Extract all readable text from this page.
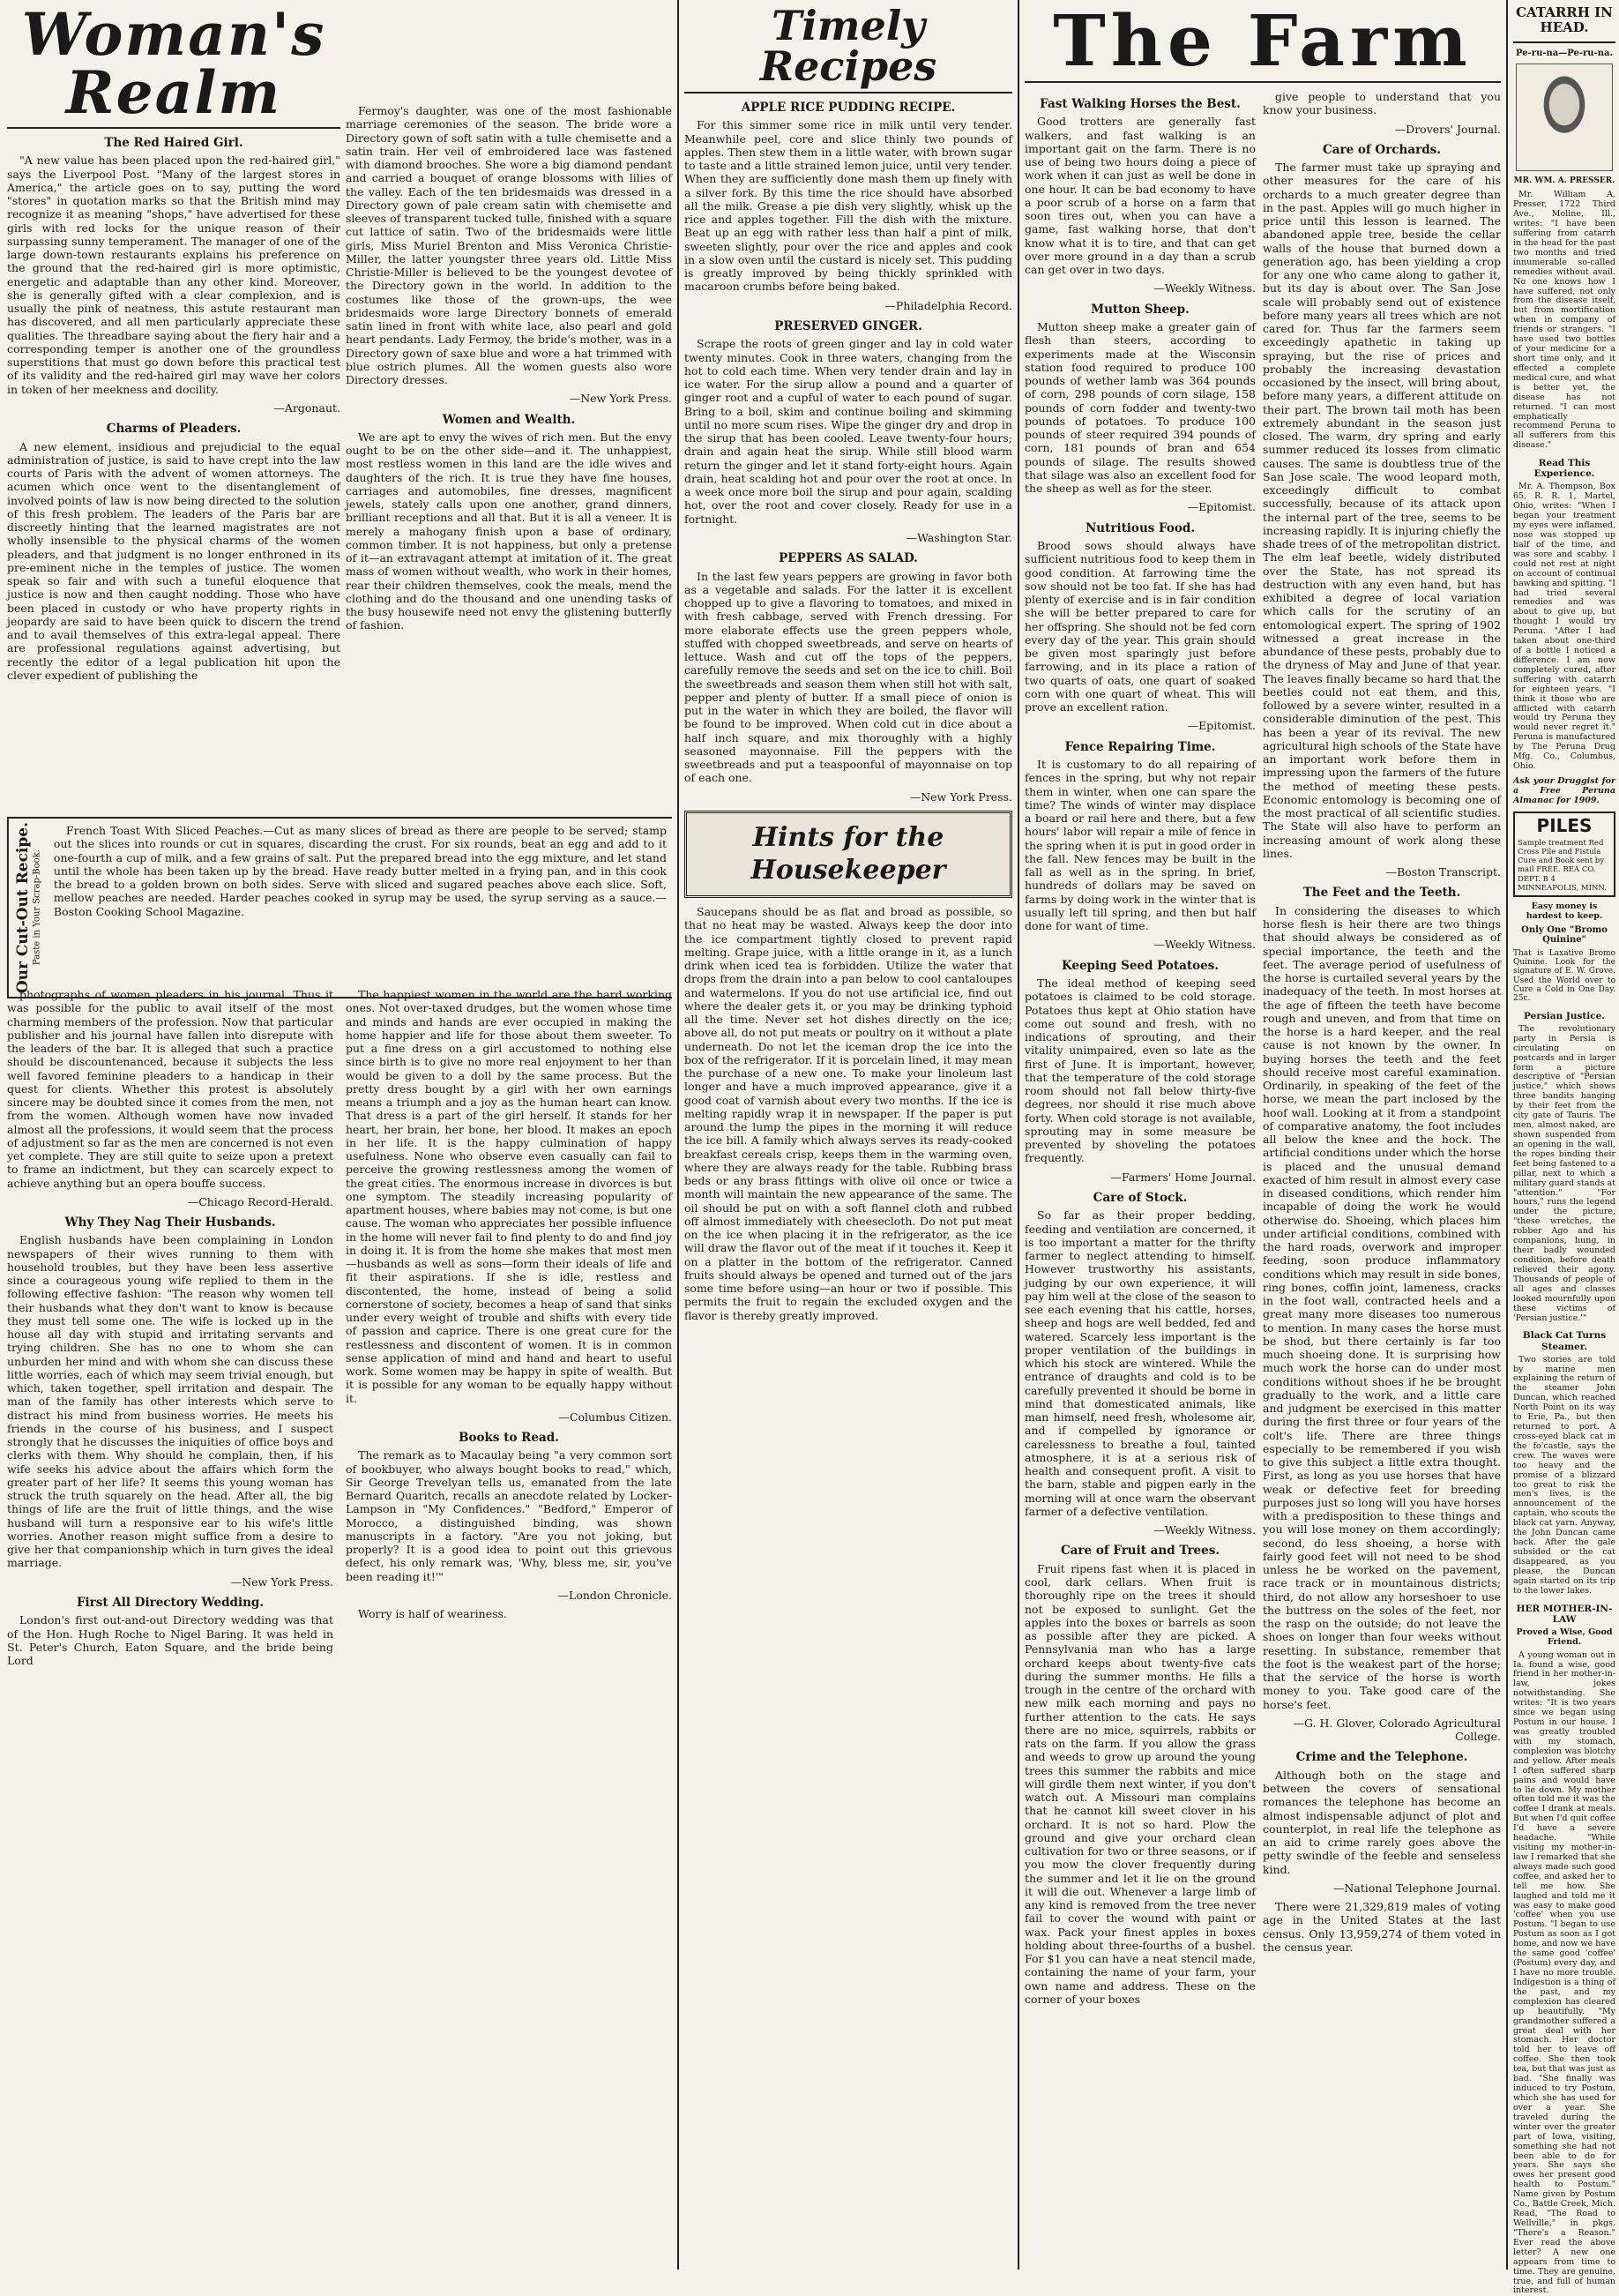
Woman's Realm
The Red Haired Girl.

"A new value has been placed upon the red-haired girl," says the Liverpool Post. "Many of the largest stores in America," the article goes on to say, putting the word "stores" in quotation marks so that the British mind may recognize it as meaning "shops," have advertised for these girls with red locks for the unique reason of their surpassing sunny temperament. The manager of one of the large down-town restaurants explains his preference on the ground that the red-haired girl is more optimistic, energetic and adaptable than any other kind. Moreover, she is generally gifted with a clear complexion, and is usually the pink of neatness, this astute restaurant man has discovered, and all men particularly appreciate these qualities. The threadbare saying about the fiery hair and a corresponding temper is another one of the groundless superstitions that must go down before this practical test of its validity and the red-haired girl may wave her colors in token of her meekness and docility.

—Argonaut.

Charms of Pleaders.

A new element, insidious and prejudicial to the equal administration of justice, is said to have crept into the law courts of Paris with the advent of women attorneys. The acumen which once went to the disentanglement of involved points of law is now being directed to the solution of this fresh problem. The leaders of the Paris bar are discreetly hinting that the learned magistrates are not wholly insensible to the physical charms of the women pleaders, and that judgment is no longer enthroned in its pre-eminent niche in the temples of justice. The women speak so fair and with such a tuneful eloquence that justice is now and then caught nodding. Those who have been placed in custody or who have property rights in jeopardy are said to have been quick to discern the trend and to avail themselves of this extra-legal appeal. There are professional regulations against advertising, but recently the editor of a legal publication hit upon the clever expedient of publishing the

Fermoy's daughter, was one of the most fashionable marriage ceremonies of the season. The bride wore a Directory gown of soft satin with a tulle chemisette and a satin train. Her veil of embroidered lace was fastened with diamond brooches. She wore a big diamond pendant and carried a bouquet of orange blossoms with lilies of the valley. Each of the ten bridesmaids was dressed in a Directory gown of pale cream satin with chemisette and sleeves of transparent tucked tulle, finished with a square cut lattice of satin. Two of the bridesmaids were little girls, Miss Muriel Brenton and Miss Veronica Christie-Miller, the latter youngster three years old. Little Miss Christie-Miller is believed to be the youngest devotee of the Directory gown in the world. In addition to the costumes like those of the grown-ups, the wee bridesmaids wore large Directory bonnets of emerald satin lined in front with white lace, also pearl and gold heart pendants. Lady Fermoy, the bride's mother, was in a Directory gown of saxe blue and wore a hat trimmed with blue ostrich plumes. All the women guests also wore Directory dresses.

—New York Press.

Women and Wealth.

We are apt to envy the wives of rich men. But the envy ought to be on the other side—and it. The unhappiest, most restless women in this land are the idle wives and daughters of the rich. It is true they have fine houses, carriages and automobiles, fine dresses, magnificent jewels, stately calls upon one another, grand dinners, brilliant receptions and all that. But it is all a veneer. It is merely a mahogany finish upon a base of ordinary, common timber. It is not happiness, but only a pretense of it—an extravagant attempt at imitation of it. The great mass of women without wealth, who work in their homes, rear their children themselves, cook the meals, mend the clothing and do the thousand and one unending tasks of the busy housewife need not envy the glistening butterfly of fashion.

Our Cut-Out Recipe. Paste in Your Scrap-Book.

French Toast With Sliced Peaches.—Cut as many slices of bread as there are people to be served; stamp out the slices into rounds or cut in squares, discarding the crust. For six rounds, beat an egg and add to it one-fourth a cup of milk, and a few grains of salt. Put the prepared bread into the egg mixture, and let stand until the whole has been taken up by the bread. Have ready butter melted in a frying pan, and in this cook the bread to a golden brown on both sides. Serve with sliced and sugared peaches above each slice. Soft, mellow peaches are needed. Harder peaches cooked in syrup may be used, the syrup serving as a sauce.—Boston Cooking School Magazine.

photographs of women pleaders in his journal. Thus it was possible for the public to avail itself of the most charming members of the profession. Now that particular publisher and his journal have fallen into disrepute with the leaders of the bar. It is alleged that such a practice should be discountenanced, because it subjects the less well favored feminine pleaders to a handicap in their quest for clients. Whether this protest is absolutely sincere may be doubted since it comes from the men, not from the women. Although women have now invaded almost all the professions, it would seem that the process of adjustment so far as the men are concerned is not even yet complete. They are still quite to seize upon a pretext to frame an indictment, but they can scarcely expect to achieve anything but an opera bouffe success.

—Chicago Record-Herald.

Why They Nag Their Husbands.

English husbands have been complaining in London newspapers of their wives running to them with household troubles, but they have been less assertive since a courageous young wife replied to them in the following effective fashion: "The reason why women tell their husbands what they don't want to know is because they must tell some one. The wife is locked up in the house all day with stupid and irritating servants and trying children. She has no one to whom she can unburden her mind and with whom she can discuss these little worries, each of which may seem trivial enough, but which, taken together, spell irritation and despair. The man of the family has other interests which serve to distract his mind from business worries. He meets his friends in the course of his business, and I suspect strongly that he discusses the iniquities of office boys and clerks with them. Why should he complain, then, if his wife seeks his advice about the affairs which form the greater part of her life? It seems this young woman has struck the truth squarely on the head. After all, the big things of life are the fruit of little things, and the wise husband will turn a responsive ear to his wife's little worries. Another reason might suffice from a desire to give her that companionship which in turn gives the ideal marriage.

—New York Press.

First All Directory Wedding.

London's first out-and-out Directory wedding was that of the Hon. Hugh Roche to Nigel Baring. It was held in St. Peter's Church, Eaton Square, and the bride being Lord

The happiest women in the world are the hard working ones. Not over-taxed drudges, but the women whose time and minds and hands are ever occupied in making the home happier and life for those about them sweeter. To put a fine dress on a girl accustomed to nothing else since birth is to give no more real enjoyment to her than would be given to a doll by the same process. But the pretty dress bought by a girl with her own earnings means a triumph and a joy as the human heart can know. That dress is a part of the girl herself. It stands for her heart, her brain, her bone, her blood. It makes an epoch in her life. It is the happy culmination of happy usefulness. None who observe even casually can fail to perceive the growing restlessness among the women of the great cities. The enormous increase in divorces is but one symptom. The steadily increasing popularity of apartment houses, where babies may not come, is but one cause. The woman who appreciates her possible influence in the home will never fail to find plenty to do and find joy in doing it. It is from the home she makes that most men—husbands as well as sons—form their ideals of life and fit their aspirations. If she is idle, restless and discontented, the home, instead of being a solid cornerstone of society, becomes a heap of sand that sinks under every weight of trouble and shifts with every tide of passion and caprice. There is one great cure for the restlessness and discontent of women. It is in common sense application of mind and hand and heart to useful work. Some women may be happy in spite of wealth. But it is possible for any woman to be equally happy without it.

—Columbus Citizen.

Books to Read.

The remark as to Macaulay being "a very common sort of bookbuyer, who always bought books to read," which, Sir George Trevelyan tells us, emanated from the late Bernard Quaritch, recalls an anecdote related by Locker-Lampson in "My Confidences." "Bedford," Emperor of Morocco, a distinguished binding, was shown manuscripts in a factory. "Are you not joking, but properly? It is a good idea to point out this grievous defect, his only remark was, 'Why, bless me, sir, you've been reading it!'"

—London Chronicle.

Worry is half of weariness.

Timely Recipes
APPLE RICE PUDDING RECIPE.

For this simmer some rice in milk until very tender. Meanwhile peel, core and slice thinly two pounds of apples. Then stew them in a little water, with brown sugar to taste and a little strained lemon juice, until very tender. When they are sufficiently done mash them up finely with a silver fork. By this time the rice should have absorbed all the milk. Grease a pie dish very slightly, whisk up the rice and apples together. Fill the dish with the mixture. Beat up an egg with rather less than half a pint of milk, sweeten slightly, pour over the rice and apples and cook in a slow oven until the custard is nicely set. This pudding is greatly improved by being thickly sprinkled with macaroon crumbs before being baked.

—Philadelphia Record.

PRESERVED GINGER.

Scrape the roots of green ginger and lay in cold water twenty minutes. Cook in three waters, changing from the hot to cold each time. When very tender drain and lay in ice water. For the sirup allow a pound and a quarter of ginger root and a cupful of water to each pound of sugar. Bring to a boil, skim and continue boiling and skimming until no more scum rises. Wipe the ginger dry and drop in the sirup that has been cooled. Leave twenty-four hours; drain and again heat the sirup. While still blood warm return the ginger and let it stand forty-eight hours. Again drain, heat scalding hot and pour over the root at once. In a week once more boil the sirup and pour again, scalding hot, over the root and cover closely. Ready for use in a fortnight.

—Washington Star.

PEPPERS AS SALAD.

In the last few years peppers are growing in favor both as a vegetable and salads. For the latter it is excellent chopped up to give a flavoring to tomatoes, and mixed in with fresh cabbage, served with French dressing. For more elaborate effects use the green peppers whole, stuffed with chopped sweetbreads, and serve on hearts of lettuce. Wash and cut off the tops of the peppers, carefully remove the seeds and set on the ice to chill. Boil the sweetbreads and season them when still hot with salt, pepper and plenty of butter. If a small piece of onion is put in the water in which they are boiled, the flavor will be found to be improved. When cold cut in dice about a half inch square, and mix thoroughly with a highly seasoned mayonnaise. Fill the peppers with the sweetbreads and put a teaspoonful of mayonnaise on top of each one.

—New York Press.

Hints for the Housekeeper

Saucepans should be as flat and broad as possible, so that no heat may be wasted. Always keep the door into the ice compartment tightly closed to prevent rapid melting. Grape juice, with a little orange in it, as a lunch drink when iced tea is forbidden. Utilize the water that drops from the drain into a pan below to cool cantaloupes and watermelons. If you do not use artificial ice, find out where the dealer gets it, or you may be drinking typhoid all the time. Never set hot dishes directly on the ice; above all, do not put meats or poultry on it without a plate underneath. Do not let the iceman drop the ice into the box of the refrigerator. If it is porcelain lined, it may mean the purchase of a new one. To make your linoleum last longer and have a much improved appearance, give it a good coat of varnish about every two months. If the ice is melting rapidly wrap it in newspaper. If the paper is put around the lump the pipes in the morning it will reduce the ice bill. A family which always serves its ready-cooked breakfast cereals crisp, keeps them in the warming oven, where they are always ready for the table. Rubbing brass beds or any brass fittings with olive oil once or twice a month will maintain the new appearance of the same. The oil should be put on with a soft flannel cloth and rubbed off almost immediately with cheesecloth. Do not put meat on the ice when placing it in the refrigerator, as the ice will draw the flavor out of the meat if it touches it. Keep it on a platter in the bottom of the refrigerator. Canned fruits should always be opened and turned out of the jars some time before using—an hour or two if possible. This permits the fruit to regain the excluded oxygen and the flavor is thereby greatly improved.

The Farm
Fast Walking Horses the Best.

Good trotters are generally fast walkers, and fast walking is an important gait on the farm. There is no use of being two hours doing a piece of work when it can just as well be done in one hour. It can be bad economy to have a poor scrub of a horse on a farm that soon tires out, when you can have a game, fast walking horse, that don't know what it is to tire, and that can get over more ground in a day than a scrub can get over in two days.

—Weekly Witness.

Mutton Sheep.

Mutton sheep make a greater gain of flesh than steers, according to experiments made at the Wisconsin station food required to produce 100 pounds of wether lamb was 364 pounds of corn, 298 pounds of corn silage, 158 pounds of corn fodder and twenty-two pounds of potatoes. To produce 100 pounds of steer required 394 pounds of corn, 181 pounds of bran and 654 pounds of silage. The results showed that silage was also an excellent food for the sheep as well as for the steer.

—Epitomist.

Nutritious Food.

Brood sows should always have sufficient nutritious food to keep them in good condition. At farrowing time the sow should not be too fat. If she has had plenty of exercise and is in fair condition she will be better prepared to care for her offspring. She should not be fed corn every day of the year. This grain should be given most sparingly just before farrowing, and in its place a ration of two quarts of oats, one quart of soaked corn with one quart of wheat. This will prove an excellent ration.

—Epitomist.

Fence Repairing Time.

It is customary to do all repairing of fences in the spring, but why not repair them in winter, when one can spare the time? The winds of winter may displace a board or rail here and there, but a few hours' labor will repair a mile of fence in the spring when it is put in good order in the fall. New fences may be built in the fall as well as in the spring. In brief, hundreds of dollars may be saved on farms by doing work in the winter that is usually left till spring, and then but half done for want of time.

—Weekly Witness.

Keeping Seed Potatoes.

The ideal method of keeping seed potatoes is claimed to be cold storage. Potatoes thus kept at Ohio station have come out sound and fresh, with no indications of sprouting, and their vitality unimpaired, even so late as the first of June. It is important, however, that the temperature of the cold storage room should not fall below thirty-five degrees, nor should it rise much above forty. When cold storage is not available, sprouting may in some measure be prevented by shoveling the potatoes frequently.

—Farmers' Home Journal.

Care of Stock.

So far as their proper bedding, feeding and ventilation are concerned, it is too important a matter for the thrifty farmer to neglect attending to himself. However trustworthy his assistants, judging by our own experience, it will pay him well at the close of the season to see each evening that his cattle, horses, sheep and hogs are well bedded, fed and watered. Scarcely less important is the proper ventilation of the buildings in which his stock are wintered. While the entrance of draughts and cold is to be carefully prevented it should be borne in mind that domesticated animals, like man himself, need fresh, wholesome air, and if compelled by ignorance or carelessness to breathe a foul, tainted atmosphere, it is at a serious risk of health and consequent profit. A visit to the barn, stable and pigpen early in the morning will at once warn the observant farmer of a defective ventilation.

—Weekly Witness.

Care of Fruit and Trees.

Fruit ripens fast when it is placed in cool, dark cellars. When fruit is thoroughly ripe on the trees it should not be exposed to sunlight. Get the apples into the boxes or barrels as soon as possible after they are picked. A Pennsylvania man who has a large orchard keeps about twenty-five cats during the summer months. He fills a trough in the centre of the orchard with new milk each morning and pays no further attention to the cats. He says there are no mice, squirrels, rabbits or rats on the farm. If you allow the grass and weeds to grow up around the young trees this summer the rabbits and mice will girdle them next winter, if you don't watch out. A Missouri man complains that he cannot kill sweet clover in his orchard. It is not so hard. Plow the ground and give your orchard clean cultivation for two or three seasons, or if you mow the clover frequently during the summer and let it lie on the ground it will die out. Whenever a large limb of any kind is removed from the tree never fail to cover the wound with paint or wax. Pack your finest apples in boxes holding about three-fourths of a bushel. For $1 you can have a neat stencil made, containing the name of your farm, your own name and address. These on the corner of your boxes

give people to understand that you know your business.

—Drovers' Journal.

Care of Orchards.

The farmer must take up spraying and other measures for the care of his orchards to a much greater degree than in the past. Apples will go much higher in price until this lesson is learned. The abandoned apple tree, beside the cellar walls of the house that burned down a generation ago, has been yielding a crop for any one who came along to gather it, but its day is about over. The San Jose scale will probably send out of existence before many years all trees which are not cared for. Thus far the farmers seem exceedingly apathetic in taking up spraying, but the rise of prices and probably the increasing devastation occasioned by the insect, will bring about, before many years, a different attitude on their part. The brown tail moth has been extremely abundant in the season just closed. The warm, dry spring and early summer reduced its losses from climatic causes. The same is doubtless true of the San Jose scale. The wood leopard moth, exceedingly difficult to combat successfully, because of its attack upon the internal part of the tree, seems to be increasing rapidly. It is injuring chiefly the shade trees of of the metropolitan district. The elm leaf beetle, widely distributed over the State, has not spread its destruction with any even hand, but has exhibited a degree of local variation which calls for the scrutiny of an entomological expert. The spring of 1902 witnessed a great increase in the abundance of these pests, probably due to the dryness of May and June of that year. The leaves finally became so hard that the beetles could not eat them, and this, followed by a severe winter, resulted in a considerable diminution of the pest. This has been a year of its revival. The new agricultural high schools of the State have an important work before them in impressing upon the farmers of the future the method of meeting these pests. Economic entomology is becoming one of the most practical of all scientific studies. The State will also have to perform an increasing amount of work along these lines.

—Boston Transcript.

The Feet and the Teeth.

In considering the diseases to which horse flesh is heir there are two things that should always be considered as of special importance, the teeth and the feet. The average period of usefulness of the horse is curtailed several years by the inadequacy of the teeth. In most horses at the age of fifteen the teeth have become rough and uneven, and from that time on the horse is a hard keeper, and the real cause is not known by the owner. In buying horses the teeth and the feet should receive most careful examination. Ordinarily, in speaking of the feet of the horse, we mean the part inclosed by the hoof wall. Looking at it from a standpoint of comparative anatomy, the foot includes all below the knee and the hock. The artificial conditions under which the horse is placed and the unusual demand exacted of him result in almost every case in diseased conditions, which render him incapable of doing the work he would otherwise do. Shoeing, which places him under artificial conditions, combined with the hard roads, overwork and improper feeding, soon produce inflammatory conditions which may result in side bones, ring bones, coffin joint, lameness, cracks in the foot wall, contracted heels and a great many more diseases too numerous to mention. In many cases the horse must be shod, but there certainly is far too much shoeing done. It is surprising how much work the horse can do under most conditions without shoes if he be brought gradually to the work, and a little care and judgment be exercised in this matter during the first three or four years of the colt's life. There are three things especially to be remembered if you wish to give this subject a little extra thought. First, as long as you use horses that have weak or defective feet for breeding purposes just so long will you have horses with a predisposition to these things and you will lose money on them accordingly; second, do less shoeing, a horse with fairly good feet will not need to be shod unless he be worked on the pavement, race track or in mountainous districts; third, do not allow any horseshoer to use the buttress on the soles of the feet, nor the rasp on the outside; do not leave the shoes on longer than four weeks without resetting. In substance, remember that the foot is the weakest part of the horse; that the service of the horse is worth money to you. Take good care of the horse's feet.

—G. H. Glover, Colorado Agricultural College.

Crime and the Telephone.

Although both on the stage and between the covers of sensational romances the telephone has become an almost indispensable adjunct of plot and counterplot, in real life the telephone as an aid to crime rarely goes above the petty swindle of the feeble and senseless kind.

—National Telephone Journal.

There were 21,329,819 males of voting age in the United States at the last census. Only 13,959,274 of them voted in the census year.

CATARRH IN HEAD.
Pe-ru-na—Pe-ru-na.
MR. WM. A. PRESSER.

Mr. William A. Presser, 1722 Third Ave., Moline, Ill., writes: "I have been suffering from catarrh in the head for the past two months and tried innumerable so-called remedies without avail. No one knows how I have suffered, not only from the disease itself, but from mortification when in company of friends or strangers. "I have used two bottles of your medicine for a short time only, and it effected a complete medical cure, and what is better yet, the disease has not returned. "I can most emphatically recommend Peruna to all sufferers from this disease."

Read This Experience.

Mr. A. Thompson, Box 65, R. R. 1, Martel, Ohio, writes: "When I began your treatment my eyes were inflamed, nose was stopped up half of the time, and was sore and scabby. I could not rest at night on account of continual hawking and spitting. "I had tried several remedies and was about to give up, but thought I would try Peruna. "After I had taken about one-third of a bottle I noticed a difference. I am now completely cured, after suffering with catarrh for eighteen years. "I think it those who are afflicted with catarrh would try Peruna they would never regret it." Peruna is manufactured by The Peruna Drug Mfg. Co., Columbus, Ohio.

Ask your Druggist for a Free Peruna Almanac for 1909.

PILES
Sample treatment Red Cross Pile and Fistula Cure and Book sent by mail FREE. REA CO. DEPT. B 4 MINNEAPOLIS, MINN.
Easy money is hardest to keep.
Only One "Bromo Quinine"

That is Laxative Bromo Quinine. Look for the signature of E. W. Grove. Used the World over to Cure a Cold in One Day. 25c.

Persian Justice.

The revolutionary party in Persia is circulating on postcards and in larger form a picture descriptive of "Persian justice," which shows three bandits hanging by their feet from the city gate of Tauris. The men, almost naked, are shown suspended from an opening in the wall, the ropes binding their feet being fastened to a pillar, next to which a military guard stands at "attention." "For hours," runs the legend under the picture, "these wretches, the robber Ago and his companions, hung, in their badly wounded condition, before death relieved their agony. Thousands of people of all ages and classes looked mournfully upon these victims of 'Persian justice.'"

Black Cat Turns Steamer.

Two stories are told by marine men explaining the return of the steamer John Duncan, which reached North Point on its way to Erie, Pa., but then returned to port. A cross-eyed black cat in the fo'castle, says the crew. The waves were too heavy and the promise of a blizzard too great to risk the men's lives, is the announcement of the captain, who scouts the black cat yarn. Anyway, the John Duncan came back. After the gale subsided or the cat disappeared, as you please, the Duncan again started on its trip to the lower lakes.

HER MOTHER-IN-LAW
Proved a Wise, Good Friend.

A young woman out in Ia. found a wise, good friend in her mother-in-law, jokes notwithstanding. She writes: "It is two years since we began using Postum in our house. I was greatly troubled with my stomach, complexion was blotchy and yellow. After meals I often suffered sharp pains and would have to lie down. My mother often told me it was the coffee I drank at meals. But when I'd quit coffee I'd have a severe headache. "While visiting my mother-in-law I remarked that she always made such good coffee, and asked her to tell me how. She laughed and told me it was easy to make good 'coffee' when you use Postum. "I began to use Postum as soon as I got home, and now we have the same good 'coffee' (Postum) every day, and I have no more trouble. Indigestion is a thing of the past, and my complexion has cleared up beautifully. "My grandmother suffered a great deal with her stomach. Her doctor told her to leave off coffee. She then took tea, but that was just as bad. "She finally was induced to try Postum, which she has used for over a year. She traveled during the winter over the greater part of Iowa, visiting, something she had not been able to do for years. She says she owes her present good health to Postum." Name given by Postum Co., Battle Creek, Mich. Read, "The Road to Wellville," in pkgs. "There's a Reason." Ever read the above letter? A new one appears from time to time. They are genuine, true, and full of human interest.
